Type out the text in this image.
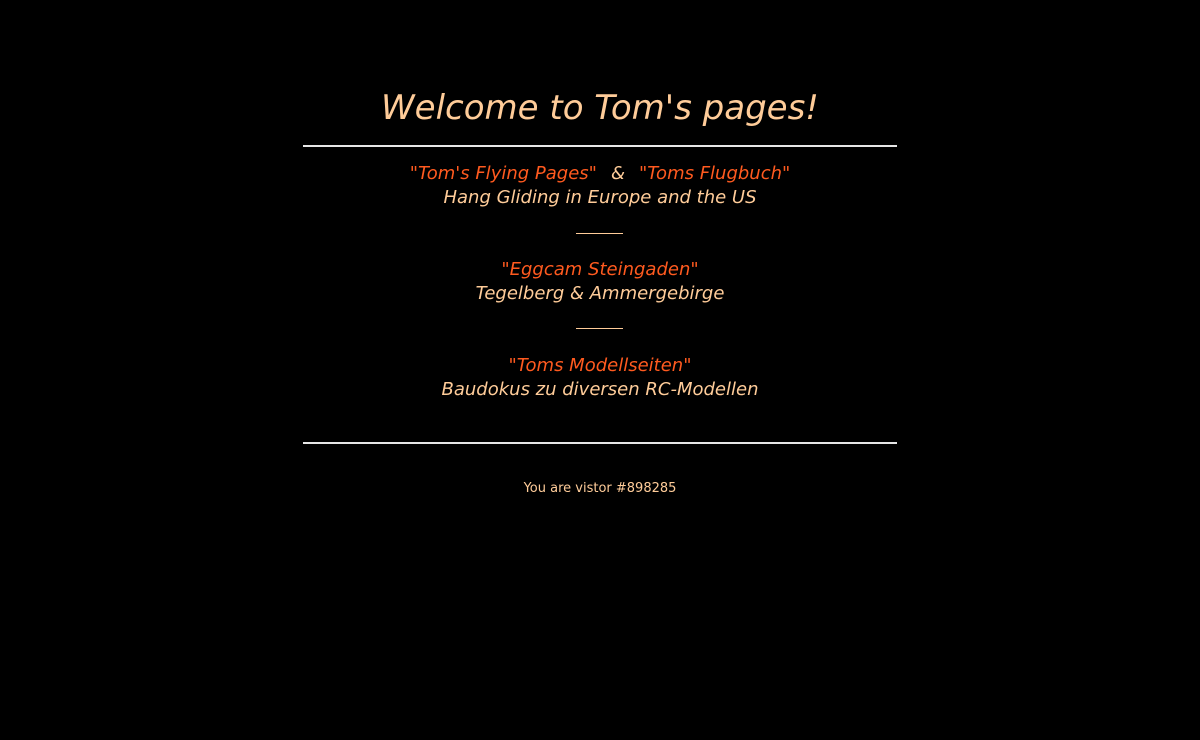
Welcome to Tom's pages!
"Tom's Flying Pages" & "Toms Flugbuch"
Hang Gliding in Europe and the US
"Eggcam Steingaden"
Tegelberg & Ammergebirge
"Toms Modellseiten"
Baudokus zu diversen RC-Modellen
You are vistor #898285
